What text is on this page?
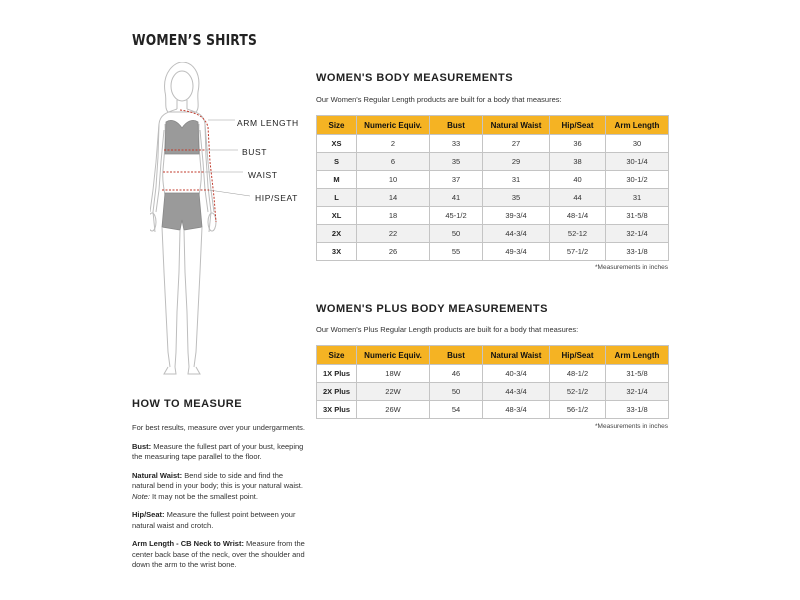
WOMEN’S SHIRTS
ARM LENGTH
BUST
WAIST
HIP/SEAT
WOMEN'S BODY MEASUREMENTS
Our Women's Regular Length products are built for a body that measures:
Size	Numeric Equiv.	Bust	Natural Waist	Hip/Seat	Arm Length
XS	2	33	27	36	30
S	6	35	29	38	30-1/4
M	10	37	31	40	30-1/2
L	14	41	35	44	31
XL	18	45-1/2	39-3/4	48-1/4	31-5/8
2X	22	50	44-3/4	52-12	32-1/4
3X	26	55	49-3/4	57-1/2	33-1/8
*Measurements in inches
WOMEN'S PLUS BODY MEASUREMENTS
Our Women's Plus Regular Length products are built for a body that measures:
Size	Numeric Equiv.	Bust	Natural Waist	Hip/Seat	Arm Length
1X Plus	18W	46	40-3/4	48-1/2	31-5/8
2X Plus	22W	50	44-3/4	52-1/2	32-1/4
3X Plus	26W	54	48-3/4	56-1/2	33-1/8
*Measurements in inches
HOW TO MEASURE

For best results, measure over your undergarments.

Bust: Measure the fullest part of your bust, keeping the measuring tape parallel to the floor.

Natural Waist: Bend side to side and find the natural bend in your body; this is your natural waist. Note: It may not be the smallest point.

Hip/Seat: Measure the fullest point between your natural waist and crotch.

Arm Length - CB Neck to Wrist: Measure from the center back base of the neck, over the shoulder and down the arm to the wrist bone.
